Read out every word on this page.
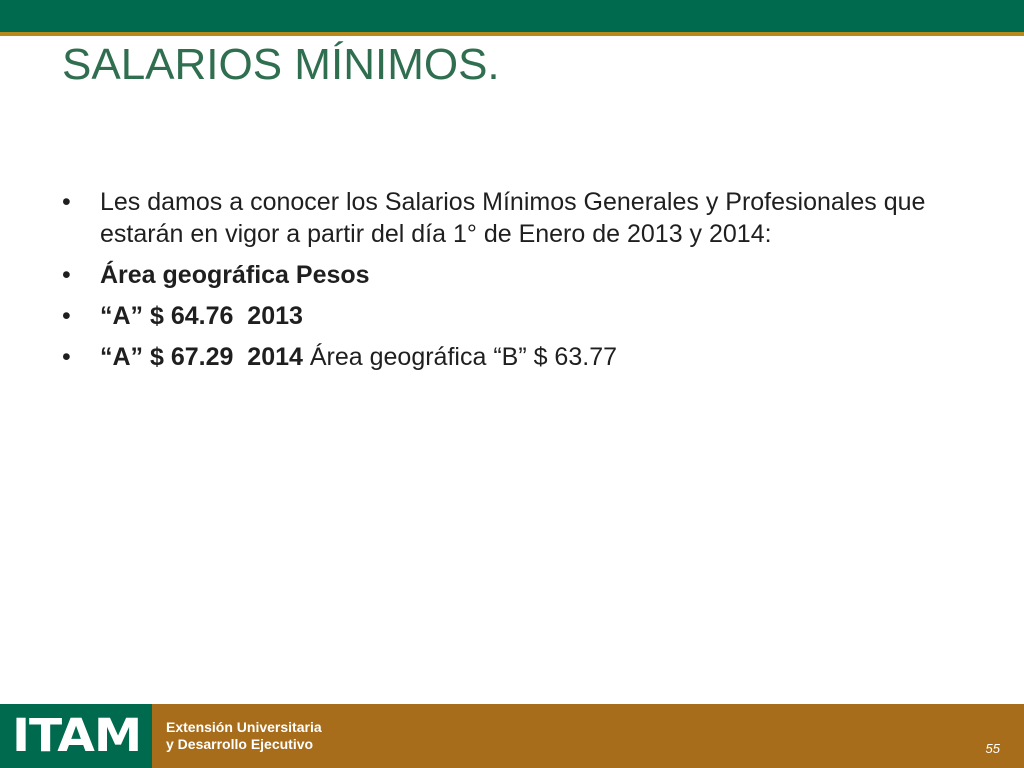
SALARIOS MÍNIMOS.
• Les damos a conocer los Salarios Mínimos Generales y Profesionales que estarán en vigor a partir del día 1° de Enero de 2013 y 2014:
• Área geográfica Pesos
• “A” $ 64.76  2013
• “A” $ 67.29  2014 Área geográfica “B” $ 63.77
ITAM Extensión Universitaria
y Desarrollo Ejecutivo	55
